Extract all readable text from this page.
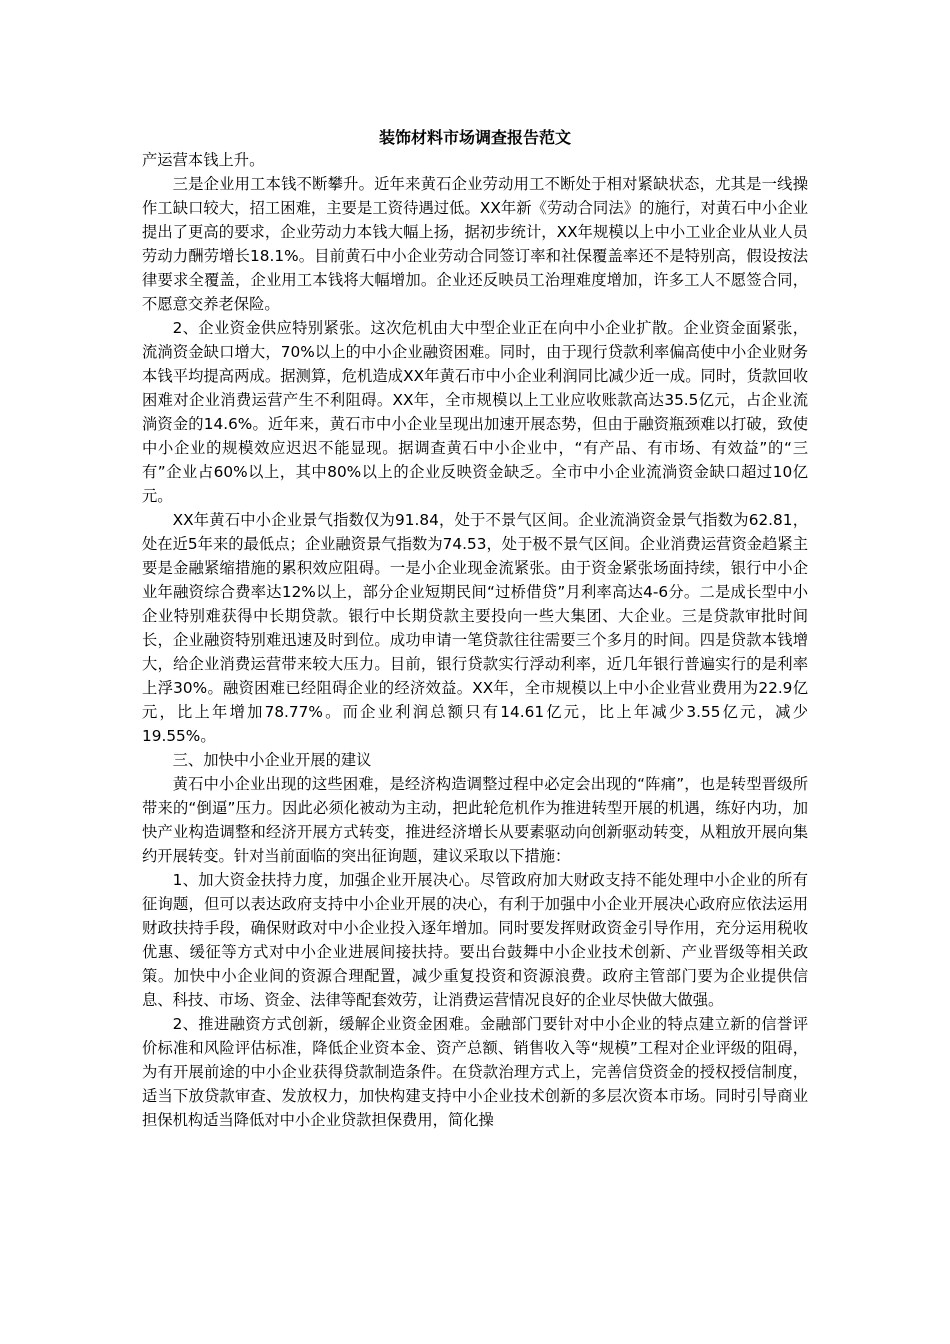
装饰材料市场调查报告范文

产运营本钱上升。

三是企业用工本钱不断攀升。近年来黄石企业劳动用工不断处于相对紧缺状态，尤其是一线操作工缺口较大，招工困难，主要是工资待遇过低。XX年新《劳动合同法》的施行，对黄石中小企业提出了更高的要求，企业劳动力本钱大幅上扬，据初步统计，XX年规模以上中小工业企业从业人员劳动力酬劳增长18.1%。目前黄石中小企业劳动合同签订率和社保覆盖率还不是特别高，假设按法律要求全覆盖，企业用工本钱将大幅增加。企业还反映员工治理难度增加，许多工人不愿签合同，不愿意交养老保险。

2、企业资金供应特别紧张。这次危机由大中型企业正在向中小企业扩散。企业资金面紧张，流淌资金缺口增大，70%以上的中小企业融资困难。同时，由于现行贷款利率偏高使中小企业财务本钱平均提高两成。据测算，危机造成XX年黄石市中小企业利润同比减少近一成。同时，货款回收困难对企业消费运营产生不利阻碍。XX年，全市规模以上工业应收账款高达35.5亿元，占企业流淌资金的14.6%。近年来，黄石市中小企业呈现出加速开展态势，但由于融资瓶颈难以打破，致使中小企业的规模效应迟迟不能显现。据调查黄石中小企业中，“有产品、有市场、有效益”的“三有”企业占60%以上，其中80%以上的企业反映资金缺乏。全市中小企业流淌资金缺口超过10亿元。

XX年黄石中小企业景气指数仅为91.84，处于不景气区间。企业流淌资金景气指数为62.81，处在近5年来的最低点；企业融资景气指数为74.53，处于极不景气区间。企业消费运营资金趋紧主要是金融紧缩措施的累积效应阻碍。一是小企业现金流紧张。由于资金紧张场面持续，银行中小企业年融资综合费率达12%以上，部分企业短期民间“过桥借贷”月利率高达4-6分。二是成长型中小企业特别难获得中长期贷款。银行中长期贷款主要投向一些大集团、大企业。三是贷款审批时间长，企业融资特别难迅速及时到位。成功申请一笔贷款往往需要三个多月的时间。四是贷款本钱增大，给企业消费运营带来较大压力。目前，银行贷款实行浮动利率，近几年银行普遍实行的是利率上浮30%。融资困难已经阻碍企业的经济效益。XX年，全市规模以上中小企业营业费用为22.9亿元，比上年增加78.77%。而企业利润总额只有14.61亿元，比上年减少3.55亿元，减少19.55%。

三、加快中小企业开展的建议

黄石中小企业出现的这些困难，是经济构造调整过程中必定会出现的“阵痛”，也是转型晋级所带来的“倒逼”压力。因此必须化被动为主动，把此轮危机作为推进转型开展的机遇，练好内功，加快产业构造调整和经济开展方式转变，推进经济增长从要素驱动向创新驱动转变，从粗放开展向集约开展转变。针对当前面临的突出征询题，建议采取以下措施：

1、加大资金扶持力度，加强企业开展决心。尽管政府加大财政支持不能处理中小企业的所有征询题，但可以表达政府支持中小企业开展的决心，有利于加强中小企业开展决心政府应依法运用财政扶持手段，确保财政对中小企业投入逐年增加。同时要发挥财政资金引导作用，充分运用税收优惠、缓征等方式对中小企业进展间接扶持。要出台鼓舞中小企业技术创新、产业晋级等相关政策。加快中小企业间的资源合理配置，减少重复投资和资源浪费。政府主管部门要为企业提供信息、科技、市场、资金、法律等配套效劳，让消费运营情况良好的企业尽快做大做强。

2、推进融资方式创新，缓解企业资金困难。金融部门要针对中小企业的特点建立新的信誉评价标准和风险评估标准，降低企业资本金、资产总额、销售收入等“规模”工程对企业评级的阻碍，为有开展前途的中小企业获得贷款制造条件。在贷款治理方式上，完善信贷资金的授权授信制度，适当下放贷款审查、发放权力，加快构建支持中小企业技术创新的多层次资本市场。同时引导商业担保机构适当降低对中小企业贷款担保费用，简化操
